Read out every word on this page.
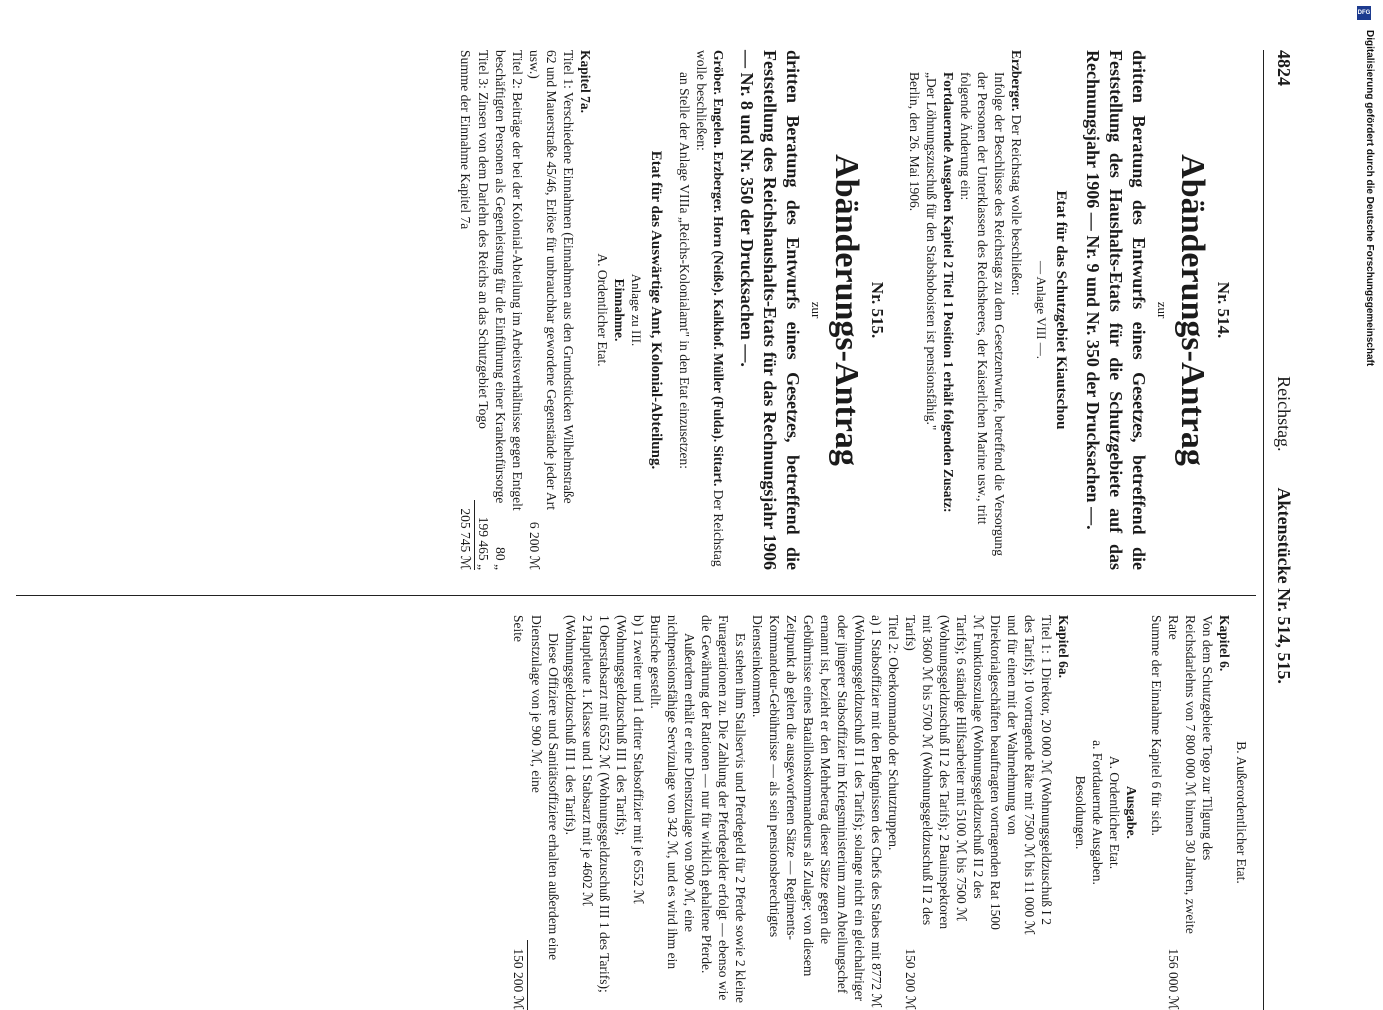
4824
Reichstag.        Aktenstücke Nr. 514, 515.
Nr. 514.
Abänderungs-Antrag
zur

dritten Beratung des Entwurfs eines Gesetzes, betreffend die Feststellung des Haushalts-Etats für die Schutzgebiete auf das Rechnungsjahr 1906 — Nr. 9 und Nr. 350 der Drucksachen —.

Etat für das Schutzgebiet Kiautschou
— Anlage VIII —.

Erzberger. Der Reichstag wolle beschließen:

Infolge der Beschlüsse des Reichstags zu dem Gesetzentwurfe, betreffend die Versorgung der Personen der Unterklassen des Reichsheeres, der Kaiserlichen Marine usw., tritt folgende Änderung ein:

Fortdauernde Ausgaben Kapitel 2 Titel 1 Position 1 erhält folgenden Zusatz:

„Der Löhnungszuschuß für den Stabshoboisten ist pensionsfähig."

Berlin, den 26. Mai 1906.

Nr. 515.
Abänderungs-Antrag
zur

dritten Beratung des Entwurfs eines Gesetzes, betreffend die Feststellung des Reichshaushalts-Etats für das Rechnungsjahr 1906 — Nr. 8 und Nr. 350 der Drucksachen —.

Gröber. Engelen. Erzberger. Horn (Neiße). Kalkhof. Müller (Fulda). Sittart. Der Reichstag wolle beschließen:

an Stelle der Anlage VIIIa „Reichs-Kolonialamt" in den Etat einzusetzen:

Etat für das Auswärtige Amt, Kolonial-Abteilung.
Anlage zu III.
Einnahme.
A. Ordentlicher Etat.
Kapitel 7a.
Titel 1: Verschiedene Einnahmen (Einnahmen aus den Grundstücken Wilhelmstraße 62 und Mauerstraße 45/46, Erlöse für unbrauchbar gewordene Gegenstände jeder Art usw.)
6 200 ℳ
Titel 2: Beiträge der bei der Kolonial-Abteilung im Arbeitsverhältnisse gegen Entgelt beschäftigten Personen als Gegenleistung für die Einführung einer Krankenfürsorge
80 „
Titel 3: Zinsen von dem Darlehn des Reichs an das Schutzgebiet Togo
199 465 „
Summe der Einnahme Kapitel 7a
205 745 ℳ
B. Außerordentlicher Etat.
Kapitel 6.
Von dem Schutzgebiete Togo zur Tilgung des Reichsdarlehns von 7 800 000 ℳ binnen 30 Jahren, zweite Rate
156 000 ℳ

Summe der Einnahme Kapitel 6 für sich.

Ausgabe.
A. Ordentlicher Etat.
a. Fortdauernde Ausgaben.
Besoldungen.
Kapitel 6a.
Titel 1: 1 Direktor, 20 000 ℳ (Wohnungsgeldzuschuß I 2 des Tarifs); 10 vortragende Räte mit 7500 ℳ bis 11 000 ℳ und für einen mit der Wahrnehmung von Direktorialgeschäften beauftragten vortragenden Rat 1500 ℳ Funktionszulage (Wohnungsgeldzuschuß II 2 des Tarifs); 6 ständige Hilfsarbeiter mit 5100 ℳ bis 7500 ℳ (Wohnungsgeldzuschuß II 2 des Tarifs); 2 Bauinspektoren mit 3600 ℳ bis 5700 ℳ (Wohnungsgeldzuschuß II 2 des Tarifs)
150 200 ℳ

Titel 2: Oberkommando der Schutztruppen.

a) 1 Stabsoffizier mit den Befugnissen des Chefs des Stabes mit 8772 ℳ (Wohnungsgeldzuschuß II 1 des Tarifs); solange nicht ein gleichaltriger oder jüngerer Stabsoffizier im Kriegsministerium zum Abteilungschef ernannt ist, bezieht er den Mehrbetrag dieser Sätze gegen die Gebührnisse eines Bataillonskommandeurs als Zulage; von diesem Zeitpunkt ab gelten die ausgeworfenen Sätze — Regiments-Kommandeur-Gebührnisse — als sein pensionsberechtigtes Diensteinkommen.

Es stehen ihm Stallservis und Pferdegeld für 2 Pferde sowie 2 kleine Furagerationen zu. Die Zahlung der Pferdegelder erfolgt — ebenso wie die Gewährung der Rationen — nur für wirklich gehaltene Pferde.

Außerdem erhält er eine Dienstzulage von 900 ℳ, eine nichtpensionsfähige Servizulage von 342 ℳ, und es wird ihm ein Burische gestellt.

b) 1 zweiter und 1 dritter Stabsoffizier mit je 6552 ℳ (Wohnungsgeldzuschuß III 1 des Tarifs);

1 Oberstabsarzt mit 6552 ℳ (Wohnungsgeldzuschuß III 1 des Tarifs);

2 Hauptleute 1. Klasse und 1 Stabsarzt mit je 4602 ℳ (Wohnungsgeldzuschuß III 1 des Tarifs).

Diese Offiziere und Sanitätsoffiziere erhalten außerdem eine Dienstzulage von je 900 ℳ, eine

Seite
150 200 ℳ
DFG
Digitalisierung gefördert durch die Deutsche Forschungsgemeinschaft
